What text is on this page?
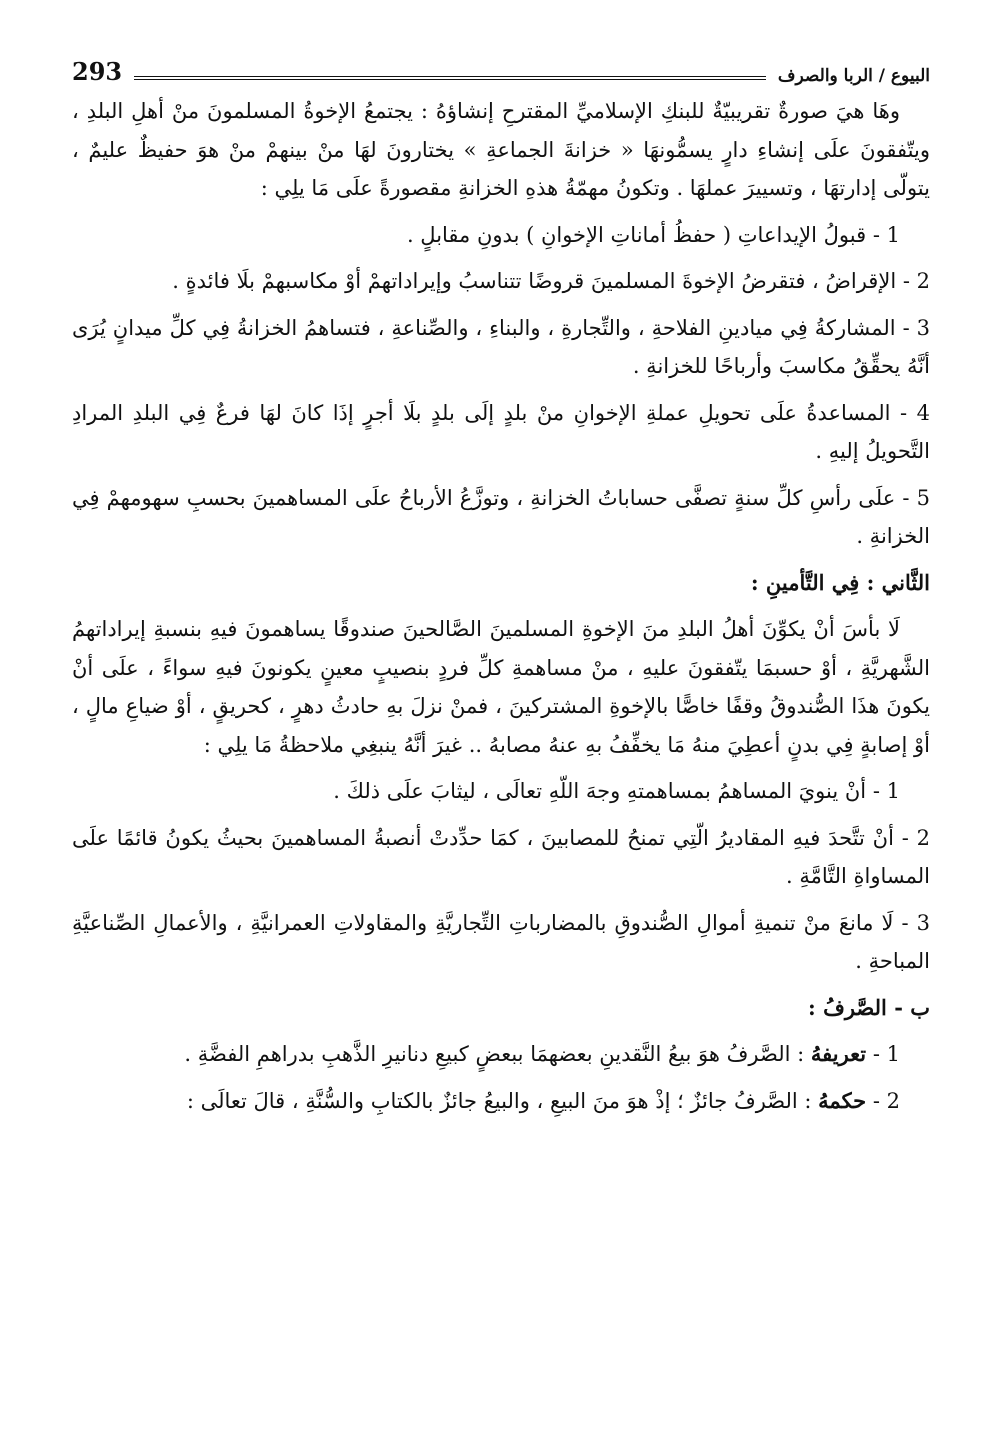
البيوع / الربا والصرف
293

وهَا هيَ صورةٌ تقريبيّةٌ للبنكِ الإسلاميِّ المقترحِ إنشاؤهُ : يجتمعُ الإخوةُ المسلمونَ منْ أهلِ البلدِ ، ويتّفقونَ علَى إنشاءِ دارٍ يسمُّونهَا « خزانةَ الجماعةِ » يختارونَ لهَا منْ بينهمْ منْ هوَ حفيظٌ عليمٌ ، يتولّى إدارتهَا ، وتسييرَ عملهَا . وتكونُ مهمّةُ هذهِ الخزانةِ مقصورةً علَى مَا يلِي :

1 - قبولُ الإيداعاتِ ( حفظُ أماناتِ الإخوانِ ) بدونِ مقابلٍ .

2 - الإقراضُ ، فتقرضُ الإخوةَ المسلمينَ قروضًا تتناسبُ وإيراداتهمْ أوْ مكاسبهمْ بلَا فائدةٍ .

3 - المشاركةُ فِي ميادينِ الفلاحةِ ، والتِّجارةِ ، والبناءِ ، والصِّناعةِ ، فتساهمُ الخزانةُ فِي كلِّ ميدانٍ يُرَى أنَّهُ يحقِّقُ مكاسبَ وأرباحًا للخزانةِ .

4 - المساعدةُ علَى تحويلِ عملةِ الإخوانِ منْ بلدٍ إلَى بلدٍ بلَا أجرٍ إذَا كانَ لهَا فرعٌ فِي البلدِ المرادِ التَّحويلُ إليهِ .

5 - علَى رأسِ كلِّ سنةٍ تصفَّى حساباتُ الخزانةِ ، وتوزَّعُ الأرباحُ علَى المساهمينَ بحسبِ سهومهمْ فِي الخزانةِ .

الثَّاني : فِي التَّأمينِ :

لَا بأسَ أنْ يكوِّنَ أهلُ البلدِ منَ الإخوةِ المسلمينَ الصَّالحينَ صندوقًا يساهمونَ فيهِ بنسبةِ إيراداتهمُ الشَّهريَّةِ ، أوْ حسبمَا يتّفقونَ عليهِ ، منْ مساهمةِ كلِّ فردٍ بنصيبٍ معينٍ يكونونَ فيهِ سواءً ، علَى أنْ يكونَ هذَا الصُّندوقُ وقفًا خاصًّا بالإخوةِ المشتركينَ ، فمنْ نزلَ بهِ حادثُ دهرٍ ، كحريقٍ ، أوْ ضياعِ مالٍ ، أوْ إصابةٍ فِي بدنٍ أعطِيَ منهُ مَا يخفِّفُ بهِ عنهُ مصابهُ .. غيرَ أنَّهُ ينبغِي ملاحظةُ مَا يلِي :

1 - أنْ ينويَ المساهمُ بمساهمتهِ وجهَ اللّهِ تعالَى ، ليثابَ علَى ذلكَ .

2 - أنْ تتَّحدَ فيهِ المقاديرُ الّتِي تمنحُ للمصابينَ ، كمَا حدِّدتْ أنصبةُ المساهمينَ بحيثُ يكونُ قائمًا علَى المساواةِ التَّامَّةِ .

3 - لَا مانعَ منْ تنميةِ أموالِ الصُّندوقِ بالمضارباتِ التِّجاريَّةِ والمقاولاتِ العمرانيَّةِ ، والأعمالِ الصِّناعيَّةِ المباحةِ .

ب - الصَّرفُ :

1 - تعريفهُ : الصَّرفُ هوَ بيعُ النَّقدينِ بعضهمَا ببعضٍ كبيعِ دنانيرِ الذَّهبِ بدراهمِ الفضَّةِ .

2 - حكمهُ : الصَّرفُ جائزٌ ؛ إذْ هوَ منَ البيعِ ، والبيعُ جائزٌ بالكتابِ والسُّنَّةِ ، قالَ تعالَى :
